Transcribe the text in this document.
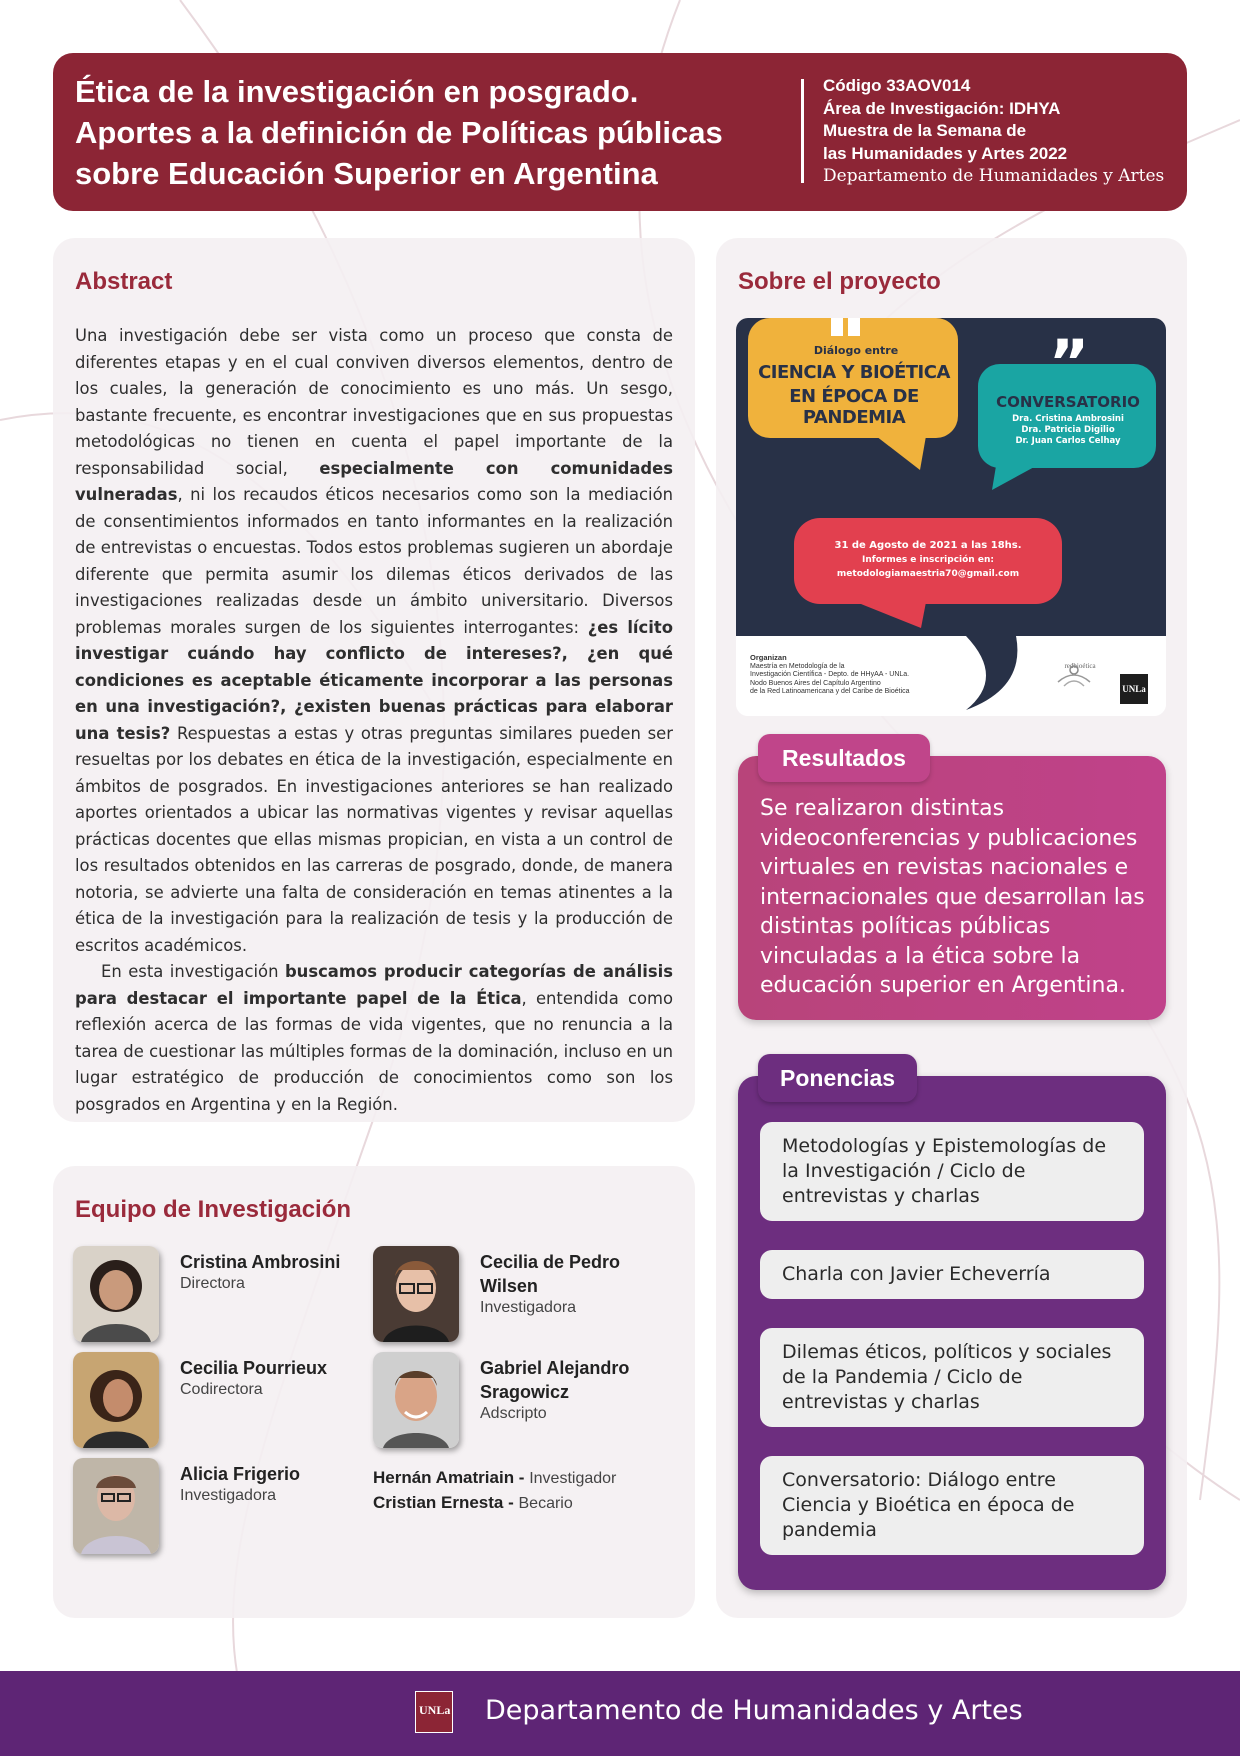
Ética de la investigación en posgrado.
Aportes a la definición de Políticas públicas
sobre Educación Superior en Argentina
Código 33AOV014
Área de Investigación: IDHYA
Muestra de la Semana de
las Humanidades y Artes 2022
Departamento de Humanidades y Artes
Abstract

Una investigación debe ser vista como un proceso que consta de diferentes etapas y en el cual conviven diversos elementos, dentro de los cuales, la generación de conocimiento es uno más. Un sesgo, bastante frecuente, es encontrar investigaciones que en sus propuestas metodológicas no tienen en cuenta el papel importante de la responsabilidad social, especialmente con comunidades vulneradas, ni los recaudos éticos necesarios como son la mediación de consentimientos informados en tanto informantes en la realización de entrevistas o encuestas. Todos estos problemas sugieren un abordaje diferente que permita asumir los dilemas éticos derivados de las investigaciones realizadas desde un ámbito universitario. Diversos problemas morales surgen de los siguientes interrogantes: ¿es lícito investigar cuándo hay conflicto de intereses?, ¿en qué condiciones es aceptable éticamente incorporar a las personas en una investigación?, ¿existen buenas prácticas para elaborar una tesis? Respuestas a estas y otras preguntas similares pueden ser resueltas por los debates en ética de la investigación, especialmente en ámbitos de posgrados. En investigaciones anteriores se han realizado aportes orientados a ubicar las normativas vigentes y revisar aquellas prácticas docentes que ellas mismas propician, en vista a un control de los resultados obtenidos en las carreras de posgrado, donde, de manera notoria, se advierte una falta de consideración en temas atinentes a la ética de la investigación para la realización de tesis y la producción de escritos académicos.

En esta investigación buscamos producir categorías de análisis para destacar el importante papel de la Ética, entendida como reflexión acerca de las formas de vida vigentes, que no renuncia a la tarea de cuestionar las múltiples formas de la dominación, incluso en un lugar estratégico de producción de conocimientos como son los posgrados en Argentina y en la Región.

Equipo de Investigación
Cristina Ambrosini
Directora
Cecilia de Pedro Wilsen
Investigadora
Cecilia Pourrieux
Codirectora
Gabriel Alejandro Sragowicz
Adscripto
Alicia Frigerio
Investigadora
Hernán Amatriain - Investigador
Cristian Ernesta - Becario
Sobre el proyecto
Diálogo entre
CIENCIA Y BIOÉTICA
EN ÉPOCA DE PANDEMIA
”
CONVERSATORIO
Dra. Cristina Ambrosini
Dra. Patricia Digilio
Dr. Juan Carlos Celhay
31 de Agosto de 2021 a las 18hs.
Informes e inscripción en:
metodologiamaestria70@gmail.com
Organizan
Maestría en Metodología de la
Investigación Científica - Depto. de HHyAA - UNLa.
Nodo Buenos Aires del Capítulo Argentino
de la Red Latinoamericana y del Caribe de Bioética
redbioética
UNLa
Resultados
Se realizaron distintas videoconferencias y publicaciones virtuales en revistas nacionales e internacionales que desarrollan las distintas políticas públicas vinculadas a la ética sobre la educación superior en Argentina.
Ponencias
Metodologías y Epistemologías de la Investigación / Ciclo de entrevistas y charlas
Charla con Javier Echeverría
Dilemas éticos, políticos y sociales de la Pandemia / Ciclo de entrevistas y charlas
Conversatorio: Diálogo entre Ciencia y Bioética en época de pandemia
UNLa Departamento de Humanidades y Artes
